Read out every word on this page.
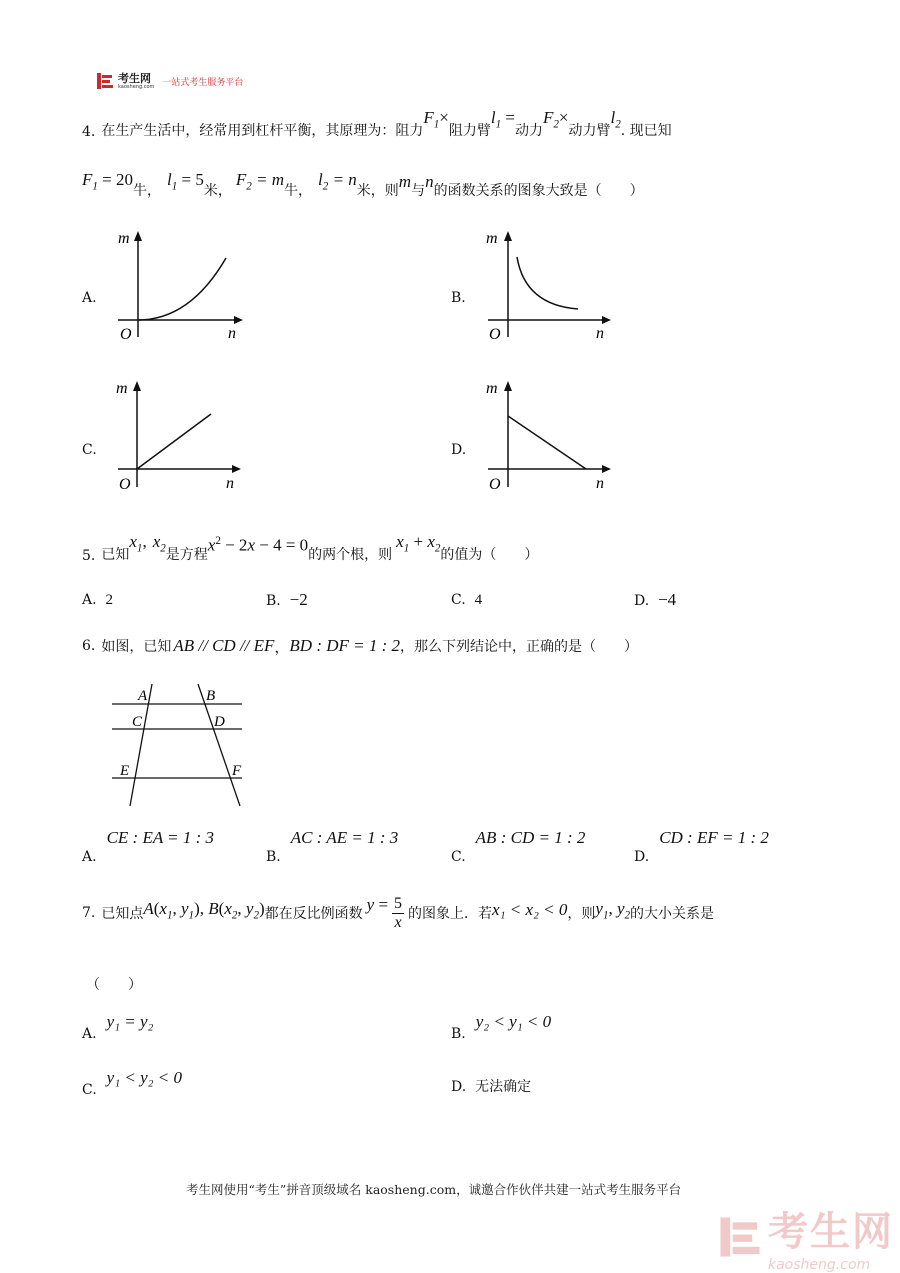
考生网
kaosheng.com 一站式考生服务平台
4. 在生产生活中，经常用到杠杆平衡，其原理为：阻力
$F_1\times$
阻力臂
$l_1$ =
动力
$F_2\times$
动力臂
$l_2$ . 现已知
$F_1 = 20$
牛，
$l_1 = 5$
米，
$F_2 = m$
牛，
$l_2 = n$
米，则 m 与 n 的函数关系的图象大致是（　　）
A.
m
n
O
B.
m
n
O
C.
m
n
O
D.
m
n
O
5. 已知
$x_1$, $x_2$ 是方程 $x^2 - 2x - 4 = 0$ 的两个根，则
$x_1 + x_2$ 的值为（　　）
A. 2	B. −2	C. 4	D. −4
6. 如图，已知 AB // CD // EF ， BD : DF = 1 : 2 ，那么下列结论中，正确的是（　　）
A	B
C	D
E	F
A.
CE : EA = 1 : 3
B.
AC : AE = 1 : 3
C.
AB : CD = 1 : 2
D.
CD : EF = 1 : 2
7. 已知点 $A(x_1$, $y_1$), $B(x_2$, $y_2$) 都在反比例函数 y = 5
x 的图象上．若 x₁ < x₂ < 0 ，则 $y_1$, $y_2$ 的大小关系是
（　　）
A.
y₁ = y₂
B.
y₂ < y₁ < 0
C.
y₁ < y₂ < 0	D. 无法确定
考生网使用“考生”拼音顶级域名 kaosheng.com，诚邀合作伙伴共建一站式考生服务平台
考生网
kaosheng.com
